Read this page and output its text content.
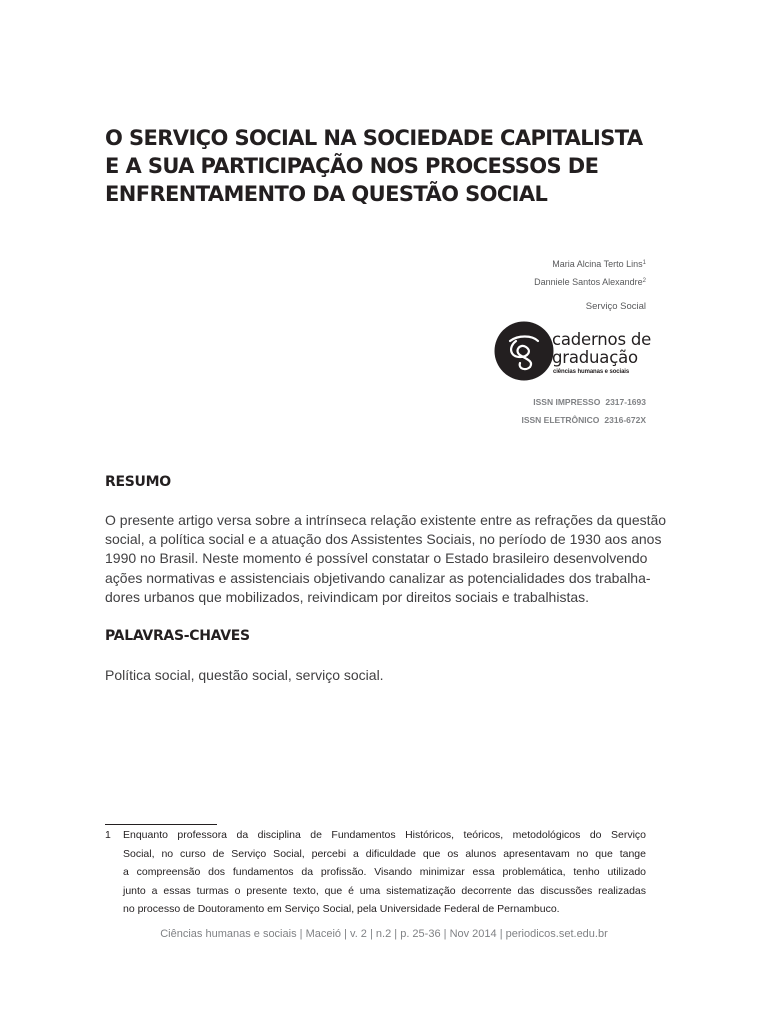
O SERVIÇO SOCIAL NA SOCIEDADE CAPITALISTA
E A SUA PARTICIPAÇÃO NOS PROCESSOS DE
ENFRENTAMENTO DA QUESTÃO SOCIAL
Maria Alcina Terto Lins$^1$
Danniele Santos Alexandre$^2$
Serviço Social
cadernos de
graduação
ciências humanas e sociais
ISSN IMPRESSO 2317-1693
ISSN ELETRÔNICO 2316-672X
RESUMO
O presente artigo versa sobre a intrínseca relação existente entre as refrações da questão
social, a política social e a atuação dos Assistentes Sociais, no período de 1930 aos anos
1990 no Brasil. Neste momento é possível constatar o Estado brasileiro desenvolvendo
ações normativas e assistenciais objetivando canalizar as potencialidades dos trabalha-
dores urbanos que mobilizados, reivindicam por direitos sociais e trabalhistas.
PALAVRAS-CHAVES
Política social, questão social, serviço social.
1 Enquanto professora da disciplina de Fundamentos Históricos, teóricos, metodológicos do Serviço
Social, no curso de Serviço Social, percebi a dificuldade que os alunos apresentavam no que tange
a compreensão dos fundamentos da profissão. Visando minimizar essa problemática, tenho utilizado
junto a essas turmas o presente texto, que é uma sistematização decorrente das discussões realizadas
no processo de Doutoramento em Serviço Social, pela Universidade Federal de Pernambuco.
Ciências humanas e sociais | Maceió | v. 2 | n.2 | p. 25-36 | Nov 2014 | periodicos.set.edu.br
